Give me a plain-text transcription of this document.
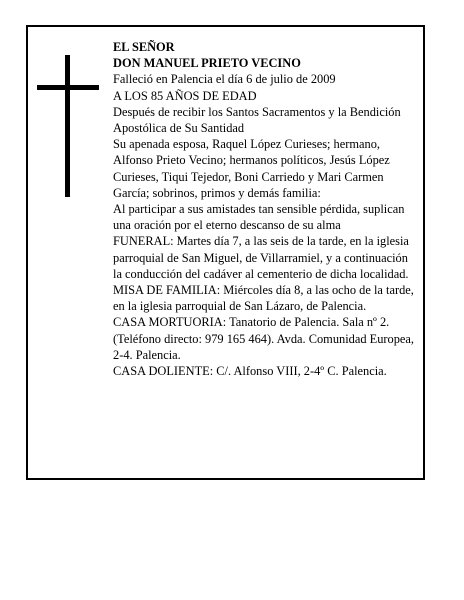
EL SEÑOR

DON MANUEL PRIETO VECINO

Falleció en Palencia el día 6 de julio de 2009

A LOS 85 AÑOS DE EDAD

Después de recibir los Santos Sacramentos y la Bendición Apostólica de Su Santidad

Su apenada esposa, Raquel López Curieses; hermano, Alfonso Prieto Vecino; hermanos políticos, Jesús López Curieses, Tiqui Tejedor, Boni Carriedo y Mari Carmen García; sobrinos, primos y demás familia:

Al participar a sus amistades tan sensible pérdida, suplican una oración por el eterno descanso de su alma

FUNERAL: Martes día 7, a las seis de la tarde, en la iglesia parroquial de San Miguel, de Villarramiel, y a continuación la conducción del cadáver al cementerio de dicha localidad.

MISA DE FAMILIA: Miércoles día 8, a las ocho de la tarde, en la iglesia parroquial de San Lázaro, de Palencia.

CASA MORTUORIA: Tanatorio de Palencia. Sala nº 2. (Teléfono directo: 979 165 464). Avda. Comunidad Europea, 2-4. Palencia.

CASA DOLIENTE: C/. Alfonso VIII, 2-4º C. Palencia.
